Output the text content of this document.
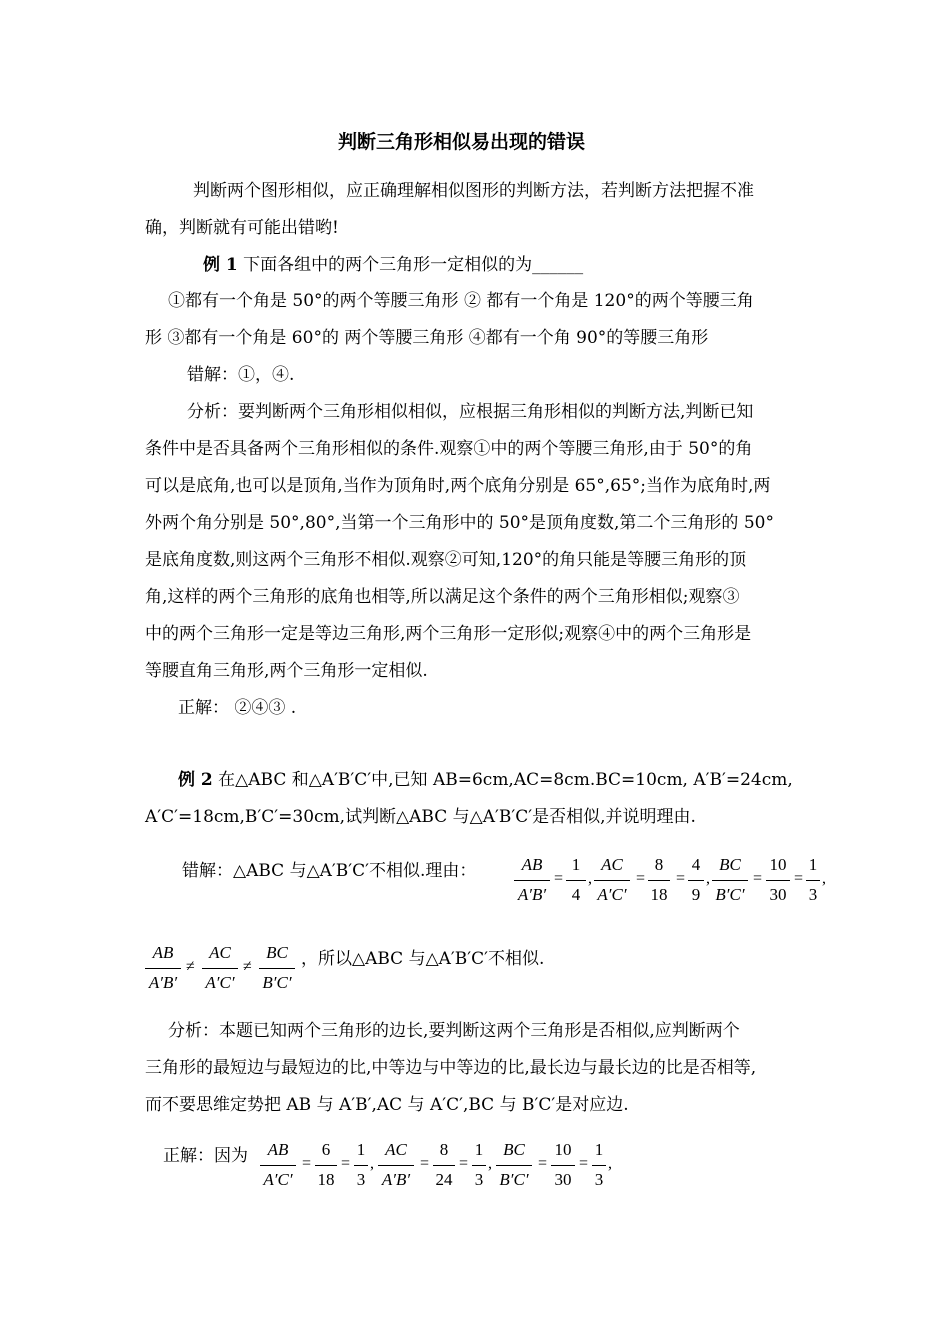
判断三角形相似易出现的错误
判断两个图形相似，应正确理解相似图形的判断方法，若判断方法把握不准
确，判断就有可能出错哟!
例 1 下面各组中的两个三角形一定相似的为______
①都有一个角是 50°的两个等腰三角形 ② 都有一个角是 120°的两个等腰三角
形 ③都有一个角是 60°的 两个等腰三角形 ④都有一个角 90°的等腰三角形
错解：①，④.
分析：要判断两个三角形相似相似，应根据三角形相似的判断方法,判断已知
条件中是否具备两个三角形相似的条件.观察①中的两个等腰三角形,由于 50°的角
可以是底角,也可以是顶角,当作为顶角时,两个底角分别是 65°,65°;当作为底角时,两
外两个角分别是 50°,80°,当第一个三角形中的 50°是顶角度数,第二个三角形的 50°
是底角度数,则这两个三角形不相似.观察②可知,120°的角只能是等腰三角形的顶
角,这样的两个三角形的底角也相等,所以满足这个条件的两个三角形相似;观察③
中的两个三角形一定是等边三角形,两个三角形一定形似;观察④中的两个三角形是
等腰直角三角形,两个三角形一定相似.
正解： ②④③ .
例 2 在△ABC 和△A′B′C′中,已知 AB=6cm,AC=8cm.BC=10cm, A′B′=24cm,
A′C′=18cm,B′C′=30cm,试判断△ABC 与△A′B′C′是否相似,并说明理由.
错解：△ABC 与△A′B′C′不相似.理由：	AB
A′B′
=
1
4
,
AC
A′C′
=
8
18
=
4
9
,
BC
B′C′
=
10
30
=
1
3
,
AB
A′B′
≠
AC
A′C′
≠
BC
B′C′
，所以△ABC 与△A′B′C′不相似.
分析：本题已知两个三角形的边长,要判断这两个三角形是否相似,应判断两个
三角形的最短边与最短边的比,中等边与中等边的比,最长边与最长边的比是否相等,
而不要思维定势把 AB 与 A′B′,AC 与 A′C′,BC 与 B′C′是对应边.
正解：因为	AB
A′C′
=
6
18
=
1
3
,
AC
A′B′
=
8
24
=
1
3
,
BC
B′C′
=
10
30
=
1
3
,
